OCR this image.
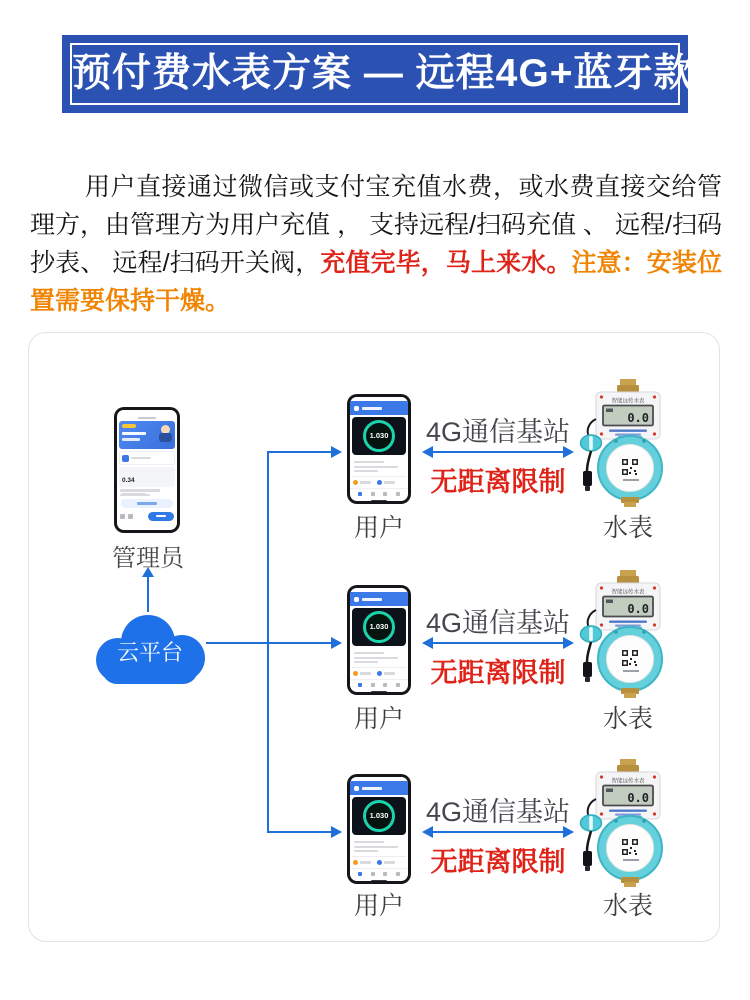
预付费水表方案 — 远程4G+蓝牙款

用户直接通过微信或支付宝充值水费，或水费直接交给管理方，由管理方为用户充值 ， 支持远程/扫码充值 、 远程/扫码抄表、 远程/扫码开关阀，充值完毕，马上来水。注意：安装位置需要保持干燥。

0.34
管理员
云平台
1.030
用户
4G通信基站
无距离限制
智能远传水表
0.0
水表
1.030
用户
4G通信基站
无距离限制
智能远传水表
0.0
水表
1.030
用户
4G通信基站
无距离限制
智能远传水表
0.0
水表
